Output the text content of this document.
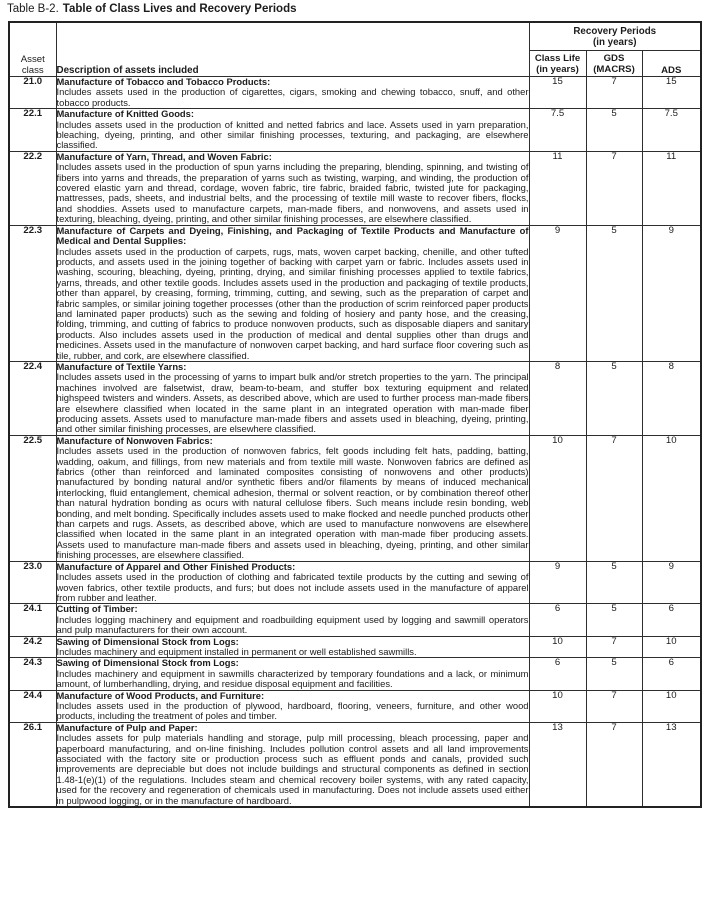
Table B-2. Table of Class Lives and Recovery Periods
Asset
class	Description of assets included	Recovery Periods
(in years)		
		Class Life
(in years)	GDS
(MACRS)	ADS
21.0	Manufacture of Tobacco and Tobacco Products:
Includes assets used in the production of cigarettes, cigars, smoking and chewing tobacco, snuff, and other tobacco products.	15	7	15
22.1	Manufacture of Knitted Goods:
Includes assets used in the production of knitted and netted fabrics and lace. Assets used in yarn preparation, bleaching, dyeing, printing, and other similar finishing processes, texturing, and packaging, are elsewhere classified.	7.5	5	7.5
22.2	Manufacture of Yarn, Thread, and Woven Fabric:
Includes assets used in the production of spun yarns including the preparing, blending, spinning, and twisting of fibers into yarns and threads, the preparation of yarns such as twisting, warping, and winding, the production of covered elastic yarn and thread, cordage, woven fabric, tire fabric, braided fabric, twisted jute for packaging, mattresses, pads, sheets, and industrial belts, and the processing of textile mill waste to recover fibers, flocks, and shoddies. Assets used to manufacture carpets, man-made fibers, and nonwovens, and assets used in texturing, bleaching, dyeing, printing, and other similar finishing processes, are elsewhere classified.	11	7	11
22.3	Manufacture of Carpets and Dyeing, Finishing, and Packaging of Textile Products and Manufacture of Medical and Dental Supplies:
Includes assets used in the production of carpets, rugs, mats, woven carpet backing, chenille, and other tufted products, and assets used in the joining together of backing with carpet yarn or fabric. Includes assets used in washing, scouring, bleaching, dyeing, printing, drying, and similar finishing processes applied to textile fabrics, yarns, threads, and other textile goods. Includes assets used in the production and packaging of textile products, other than apparel, by creasing, forming, trimming, cutting, and sewing, such as the preparation of carpet and fabric samples, or similar joining together processes (other than the production of scrim reinforced paper products and laminated paper products) such as the sewing and folding of hosiery and panty hose, and the creasing, folding, trimming, and cutting of fabrics to produce nonwoven products, such as disposable diapers and sanitary products. Also includes assets used in the production of medical and dental supplies other than drugs and medicines. Assets used in the manufacture of nonwoven carpet backing, and hard surface floor covering such as tile, rubber, and cork, are elsewhere classified.	9	5	9
22.4	Manufacture of Textile Yarns:
Includes assets used in the processing of yarns to impart bulk and/or stretch properties to the yarn. The principal machines involved are falsetwist, draw, beam-to-beam, and stuffer box texturing equipment and related highspeed twisters and winders. Assets, as described above, which are used to further process man-made fibers are elsewhere classified when located in the same plant in an integrated operation with man-made fiber producing assets. Assets used to manufacture man-made fibers and assets used in bleaching, dyeing, printing, and other similar finishing processes, are elsewhere classified.	8	5	8
22.5	Manufacture of Nonwoven Fabrics:
Includes assets used in the production of nonwoven fabrics, felt goods including felt hats, padding, batting, wadding, oakum, and fillings, from new materials and from textile mill waste. Nonwoven fabrics are defined as fabrics (other than reinforced and laminated composites consisting of nonwovens and other products) manufactured by bonding natural and/or synthetic fibers and/or filaments by means of induced mechanical interlocking, fluid entanglement, chemical adhesion, thermal or solvent reaction, or by combination thereof other than natural hydration bonding as ocurs with natural cellulose fibers. Such means include resin bonding, web bonding, and melt bonding. Specifically includes assets used to make flocked and needle punched products other than carpets and rugs. Assets, as described above, which are used to manufacture nonwovens are elsewhere classified when located in the same plant in an integrated operation with man-made fiber producing assets. Assets used to manufacture man-made fibers and assets used in bleaching, dyeing, printing, and other similar finishing processes, are elsewhere classified.	10	7	10
23.0	Manufacture of Apparel and Other Finished Products:
Includes assets used in the production of clothing and fabricated textile products by the cutting and sewing of woven fabrics, other textile products, and furs; but does not include assets used in the manufacture of apparel from rubber and leather.	9	5	9
24.1	Cutting of Timber:
Includes logging machinery and equipment and roadbuilding equipment used by logging and sawmill operators and pulp manufacturers for their own account.	6	5	6
24.2	Sawing of Dimensional Stock from Logs:
Includes machinery and equipment installed in permanent or well established sawmills.	10	7	10
24.3	Sawing of Dimensional Stock from Logs:
Includes machinery and equipment in sawmills characterized by temporary foundations and a lack, or minimum amount, of lumberhandling, drying, and residue disposal equipment and facilities.	6	5	6
24.4	Manufacture of Wood Products, and Furniture:
Includes assets used in the production of plywood, hardboard, flooring, veneers, furniture, and other wood products, including the treatment of poles and timber.	10	7	10
26.1	Manufacture of Pulp and Paper:
Includes assets for pulp materials handling and storage, pulp mill processing, bleach processing, paper and paperboard manufacturing, and on-line finishing. Includes pollution control assets and all land improvements associated with the factory site or production process such as effluent ponds and canals, provided such improvements are depreciable but does not include buildings and structural components as defined in section 1.48-1(e)(1) of the regulations. Includes steam and chemical recovery boiler systems, with any rated capacity, used for the recovery and regeneration of chemicals used in manufacturing. Does not include assets used either in pulpwood logging, or in the manufacture of hardboard.	13	7	13
